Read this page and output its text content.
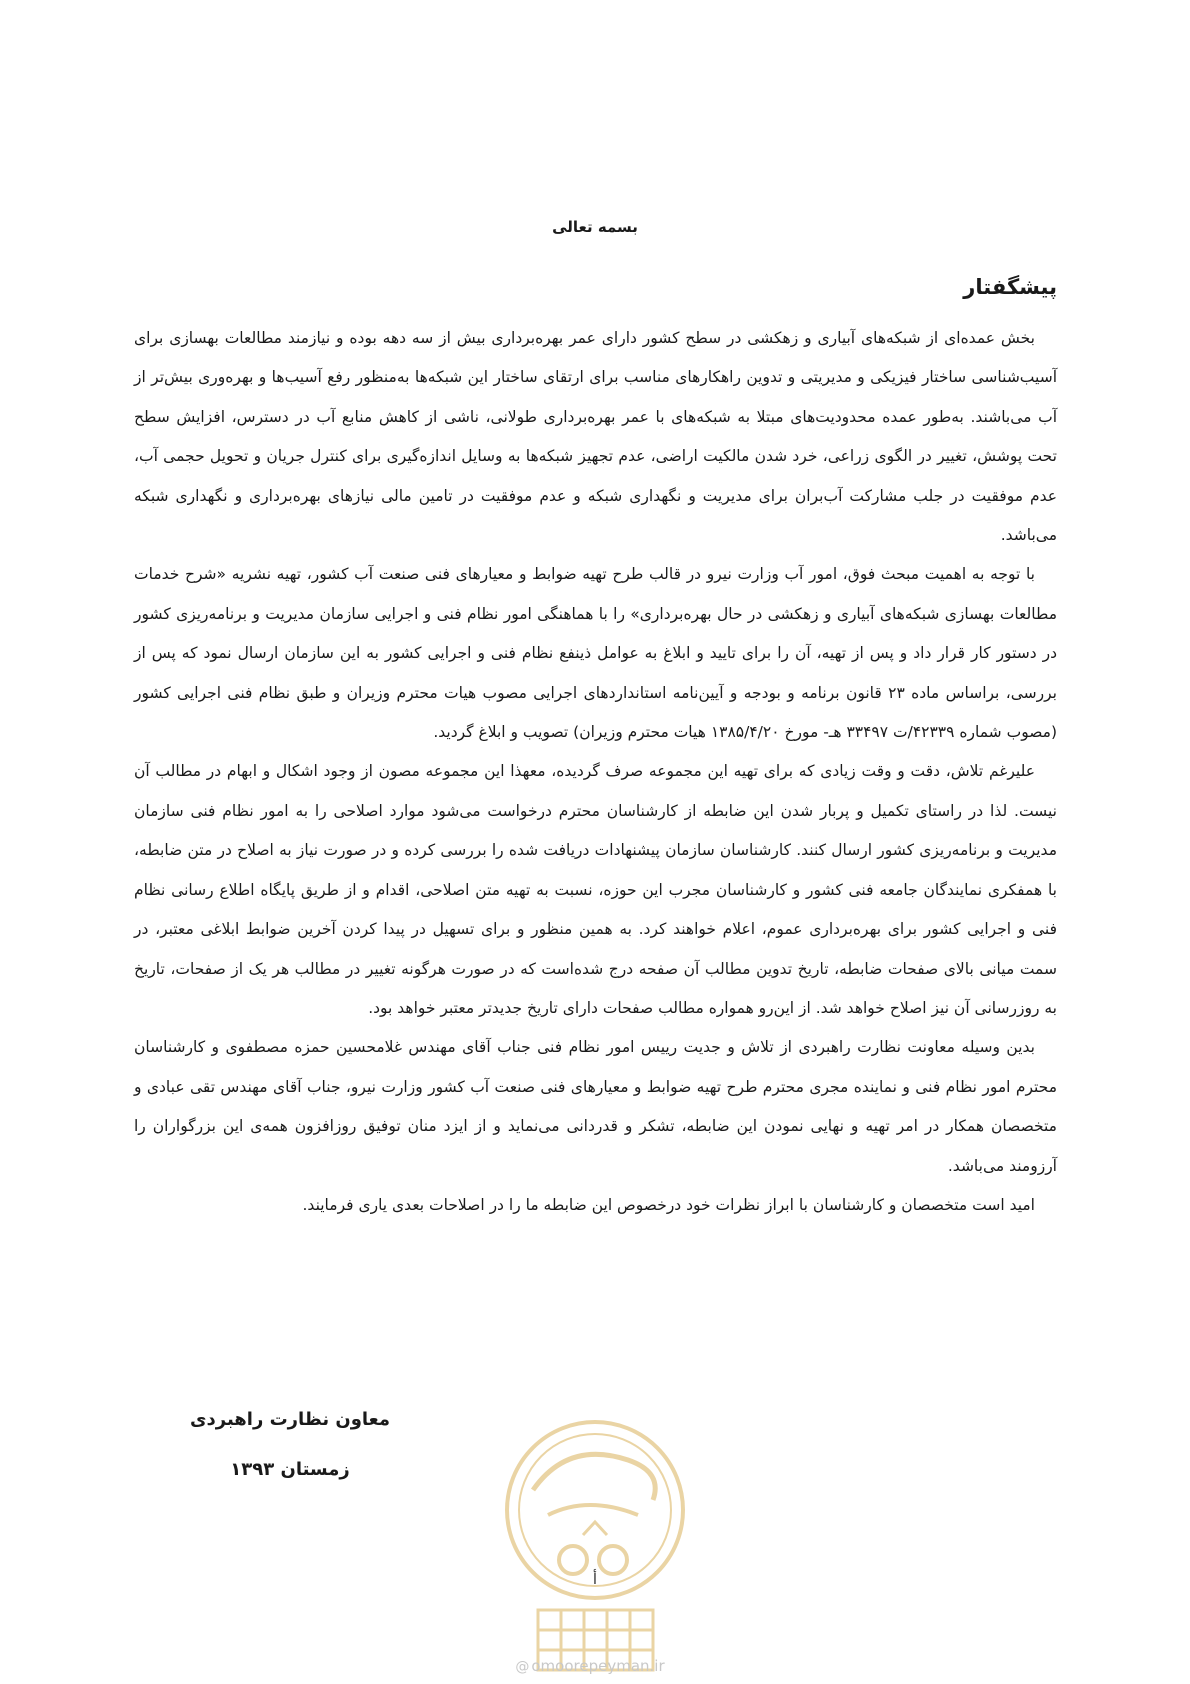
بسمه تعالی
پیشگفتار

بخش عمده‌ای از شبکه‌های آبیاری و زهکشی در سطح کشور دارای عمر بهره‌برداری بیش از سه دهه بوده و نیازمند مطالعات بهسازی برای آسیب‌شناسی ساختار فیزیکی و مدیریتی و تدوین راهکارهای مناسب برای ارتقای ساختار این شبکه‌ها به‌منظور رفع آسیب‌ها و بهره‌وری بیش‌تر از آب می‌باشند. به‌طور عمده محدودیت‌های مبتلا به شبکه‌های با عمر بهره‌برداری طولانی، ناشی از کاهش منابع آب در دسترس، افزایش سطح تحت پوشش، تغییر در الگوی زراعی، خرد شدن مالکیت اراضی، عدم تجهیز شبکه‌ها به وسایل اندازه‌گیری برای کنترل جریان و تحویل حجمی آب، عدم موفقیت در جلب مشارکت آب‌بران برای مدیریت و نگهداری شبکه و عدم موفقیت در تامین مالی نیازهای بهره‌برداری و نگهداری شبکه می‌باشد.

با توجه به اهمیت مبحث فوق، امور آب وزارت نیرو در قالب طرح تهیه ضوابط و معیارهای فنی صنعت آب کشور، تهیه نشریه «شرح خدمات مطالعات بهسازی شبکه‌های آبیاری و زهکشی در حال بهره‌برداری» را با هماهنگی امور نظام فنی و اجرایی سازمان مدیریت و برنامه‌ریزی کشور در دستور کار قرار داد و پس از تهیه، آن را برای تایید و ابلاغ به عوامل ذینفع نظام فنی و اجرایی کشور به این سازمان ارسال نمود که پس از بررسی، براساس ماده ۲۳ قانون برنامه و بودجه و آیین‌نامه استانداردهای اجرایی مصوب هیات محترم وزیران و طبق نظام فنی اجرایی کشور (مصوب شماره ۴۲۳۳۹/ت ۳۳۴۹۷ هـ- مورخ ۱۳۸۵/۴/۲۰ هیات محترم وزیران) تصویب و ابلاغ گردید.

علیرغم تلاش، دقت و وقت زیادی که برای تهیه این مجموعه صرف گردیده، معهذا این مجموعه مصون از وجود اشکال و ابهام در مطالب آن نیست. لذا در راستای تکمیل و پربار شدن این ضابطه از کارشناسان محترم درخواست می‌شود موارد اصلاحی را به امور نظام فنی سازمان مدیریت و برنامه‌ریزی کشور ارسال کنند. کارشناسان سازمان پیشنهادات دریافت شده را بررسی کرده و در صورت نیاز به اصلاح در متن ضابطه، با همفکری نمایندگان جامعه فنی کشور و کارشناسان مجرب این حوزه، نسبت به تهیه متن اصلاحی، اقدام و از طریق پایگاه اطلاع رسانی نظام فنی و اجرایی کشور برای بهره‌برداری عموم، اعلام خواهند کرد. به همین منظور و برای تسهیل در پیدا کردن آخرین ضوابط ابلاغی معتبر، در سمت میانی بالای صفحات ضابطه، تاریخ تدوین مطالب آن صفحه درج شده‌است که در صورت هرگونه تغییر در مطالب هر یک از صفحات، تاریخ به روزرسانی آن نیز اصلاح خواهد شد. از این‌رو همواره مطالب صفحات دارای تاریخ جدیدتر معتبر خواهد بود.

بدین وسیله معاونت نظارت راهبردی از تلاش و جدیت رییس امور نظام فنی جناب آقای مهندس غلامحسین حمزه مصطفوی و کارشناسان محترم امور نظام فنی و نماینده مجری محترم طرح تهیه ضوابط و معیارهای فنی صنعت آب کشور وزارت نیرو، جناب آقای مهندس تقی عبادی و متخصصان همکار در امر تهیه و نهایی نمودن این ضابطه، تشکر و قدردانی می‌نماید و از ایزد منان توفیق روزافزون همه‌ی این بزرگواران را آرزومند می‌باشد.

امید است متخصصان و کارشناسان با ابراز نظرات خود درخصوص این ضابطه ما را در اصلاحات بعدی یاری فرمایند.

معاون نظارت راهبردی
زمستان ۱۳۹۳
أ
@ omoorepeyman.ir
